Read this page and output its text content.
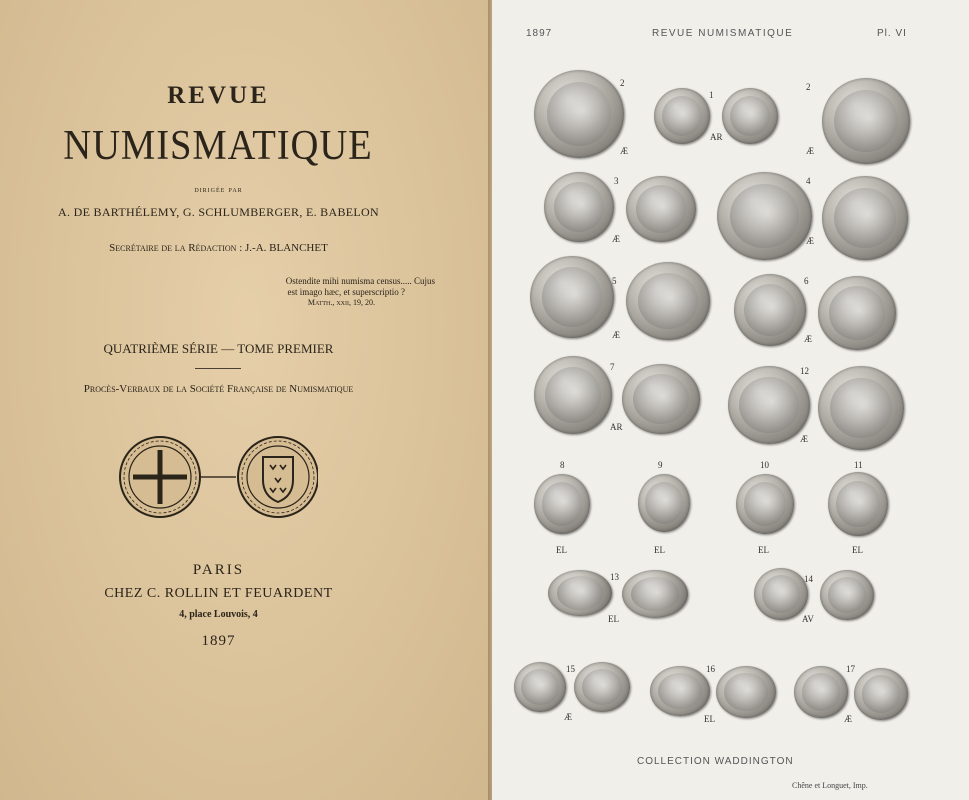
REVUE
NUMISMATIQUE
dirigée par
A. DE BARTHÉLEMY, G. SCHLUMBERGER, E. BABELON
Secrétaire de la Rédaction : J.-A. BLANCHET
Ostendite mihi numisma census..... Cujus
est imago hæc, et superscriptio ?
Matth., xxii, 19, 20.
QUATRIÈME SÉRIE — TOME PREMIER
Procès-Verbaux de la Société Française de Numismatique
PARIS
CHEZ C. ROLLIN ET FEUARDENT
4, place Louvois, 4
1897
1897	REVUE NUMISMATIQUE	Pl. VI
2
1
2
Æ
AR
Æ
3	4
Æ	Æ
5	6
Æ	Æ
7	12
AR
Æ
8	9	10	11
EL	EL	EL	EL
13	14
EL	AV
15	16	17
Æ	EL	Æ
COLLECTION WADDINGTON
Chêne et Longuet, Imp.
